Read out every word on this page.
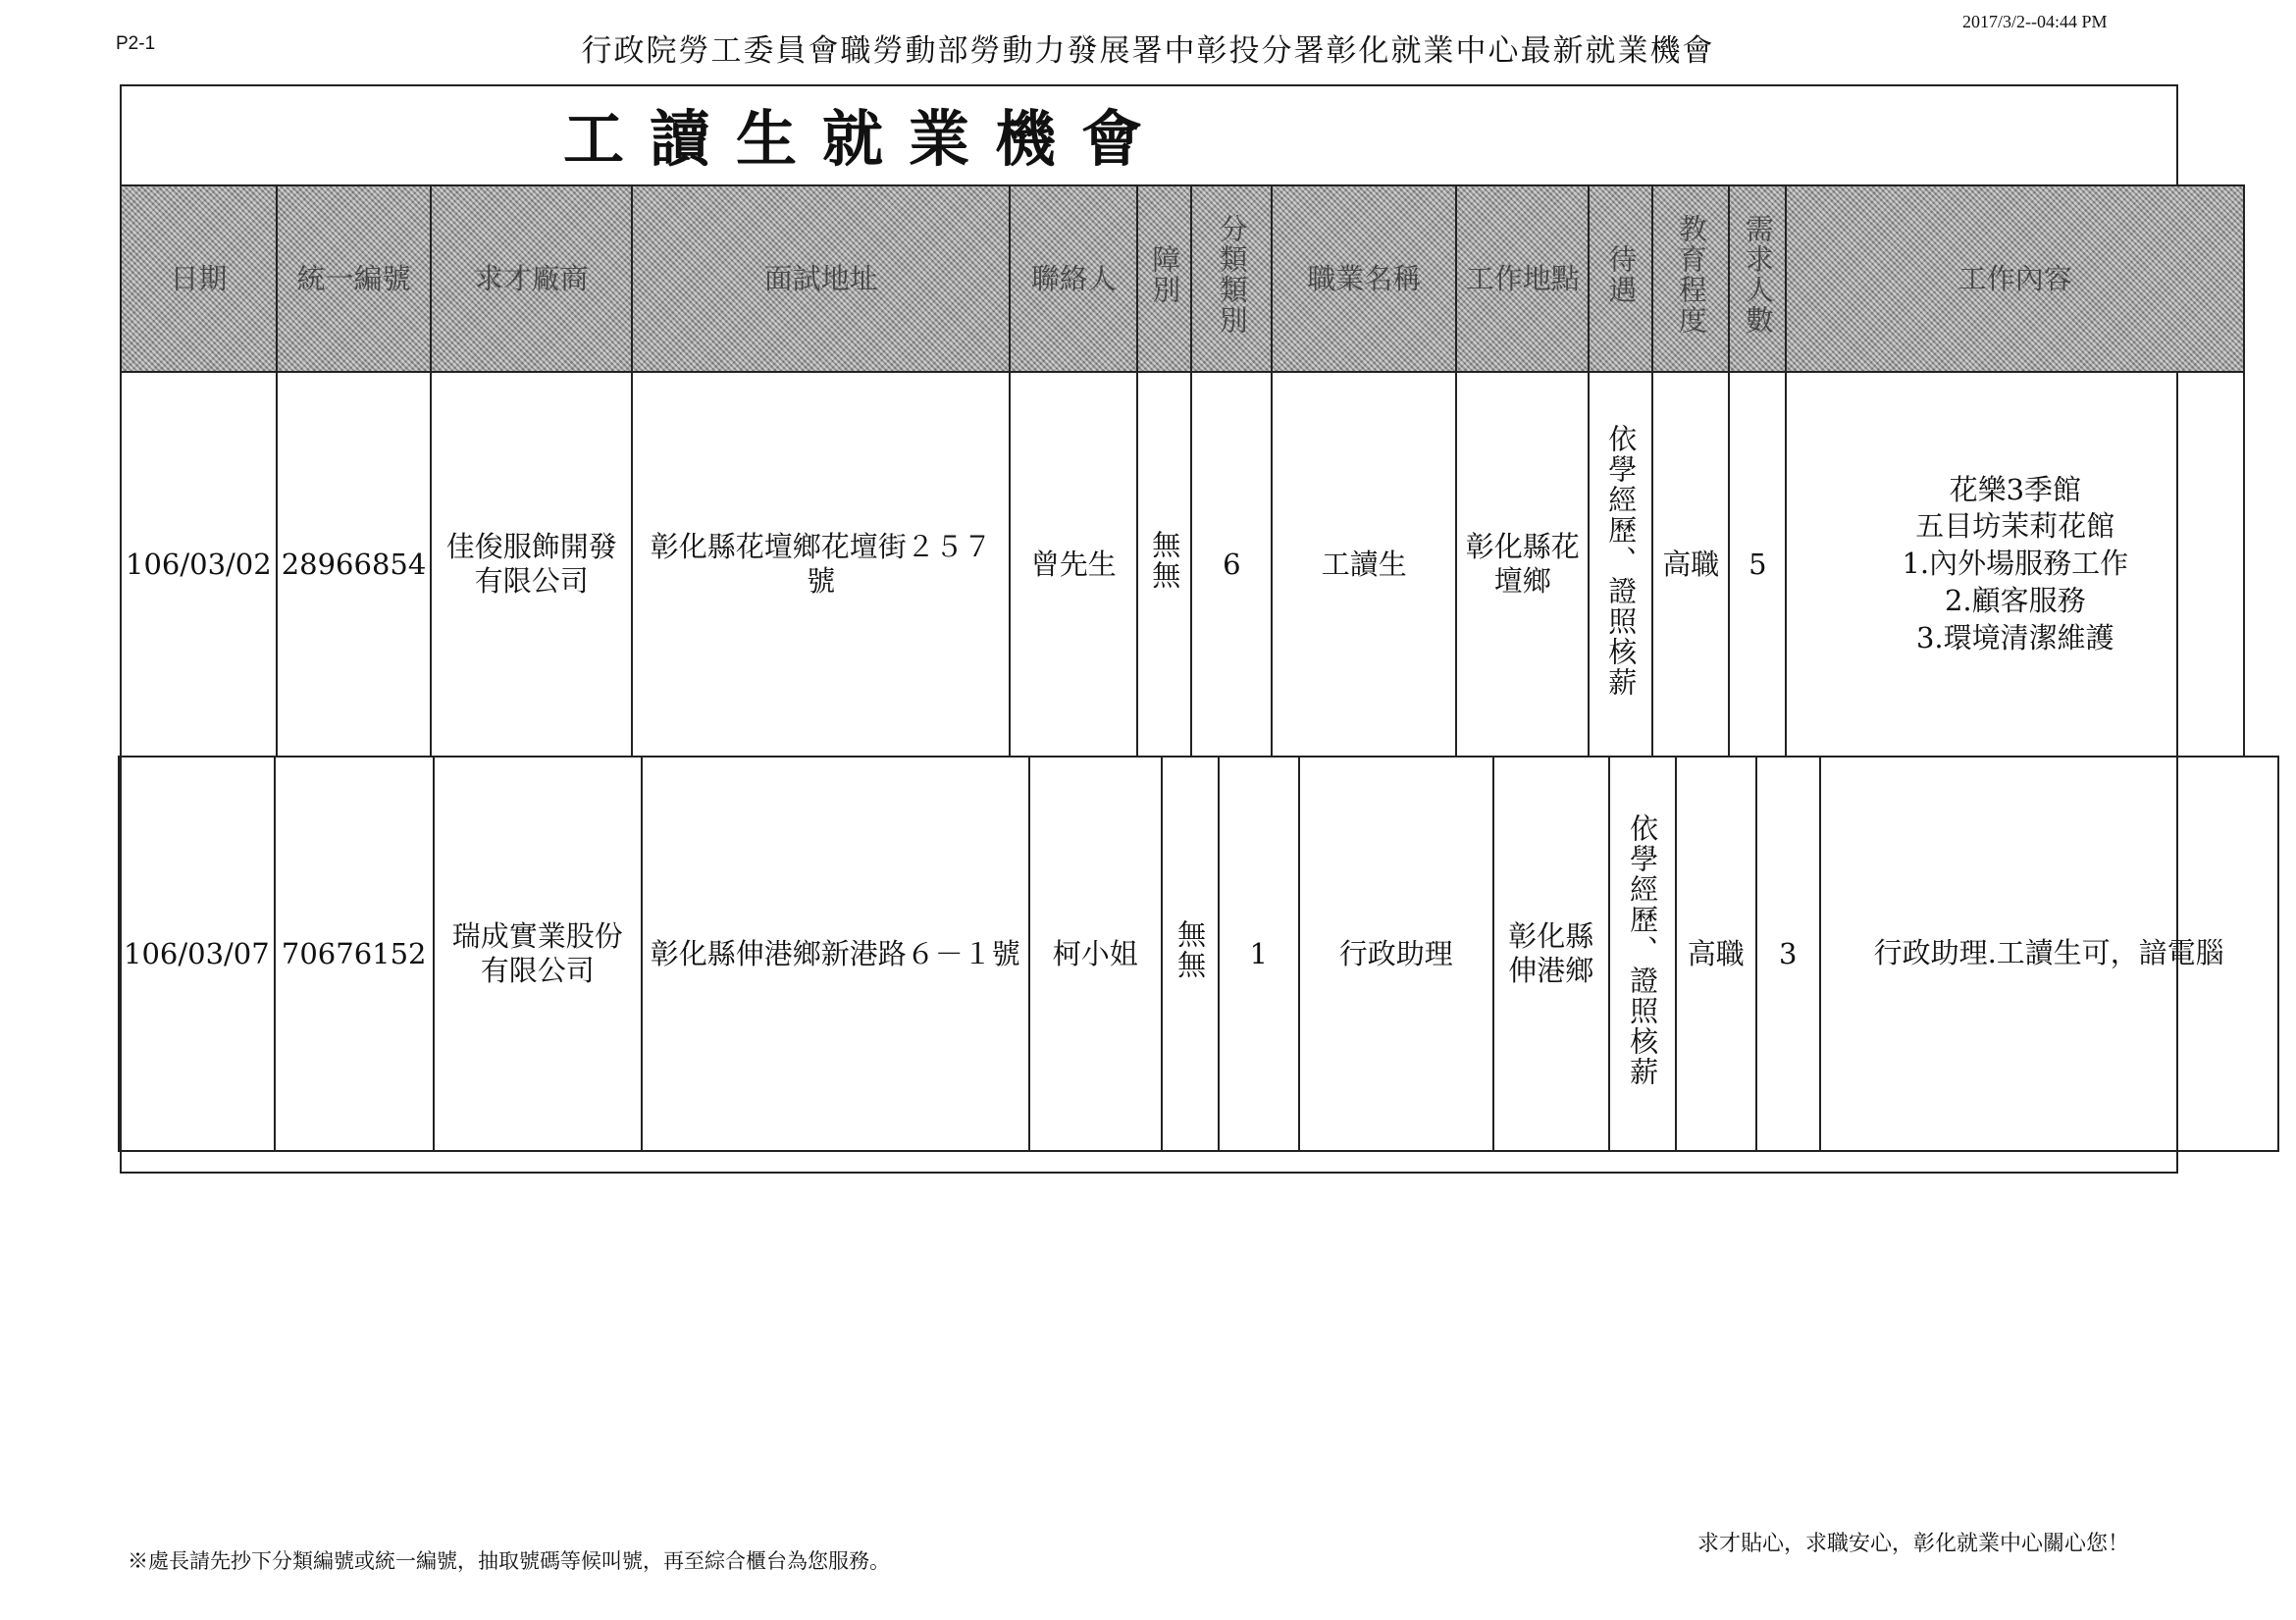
P2-1	行政院勞工委員會職勞動部勞動力發展署中彰投分署彰化就業中心最新就業機會
2017/3/2--04:44 PM
工讀生就業機會
日期	統一編號	求才廠商	面試地址	聯絡人	障別	分類類別	職業名稱	工作地點	待遇	教育程度	需求人數	工作內容
106/03/02	28966854	佳俊服飾開發有限公司	彰化縣花壇鄉花壇街２５７號	曾先生	無無	6	工讀生	彰化縣花壇鄉	依學經歷、證照核薪	高職	5	花樂3季館
五目坊茉莉花館
1.內外場服務工作
2.顧客服務
3.環境清潔維護
106/03/07	70676152	瑞成實業股份有限公司	彰化縣伸港鄉新港路６－１號	柯小姐	無無	1	行政助理	彰化縣伸港鄉	依學經歷、證照核薪	高職	3	行政助理.工讀生可，諳電腦
※處長請先抄下分類編號或統一編號，抽取號碼等候叫號，再至綜合櫃台為您服務。
求才貼心，求職安心，彰化就業中心關心您！
